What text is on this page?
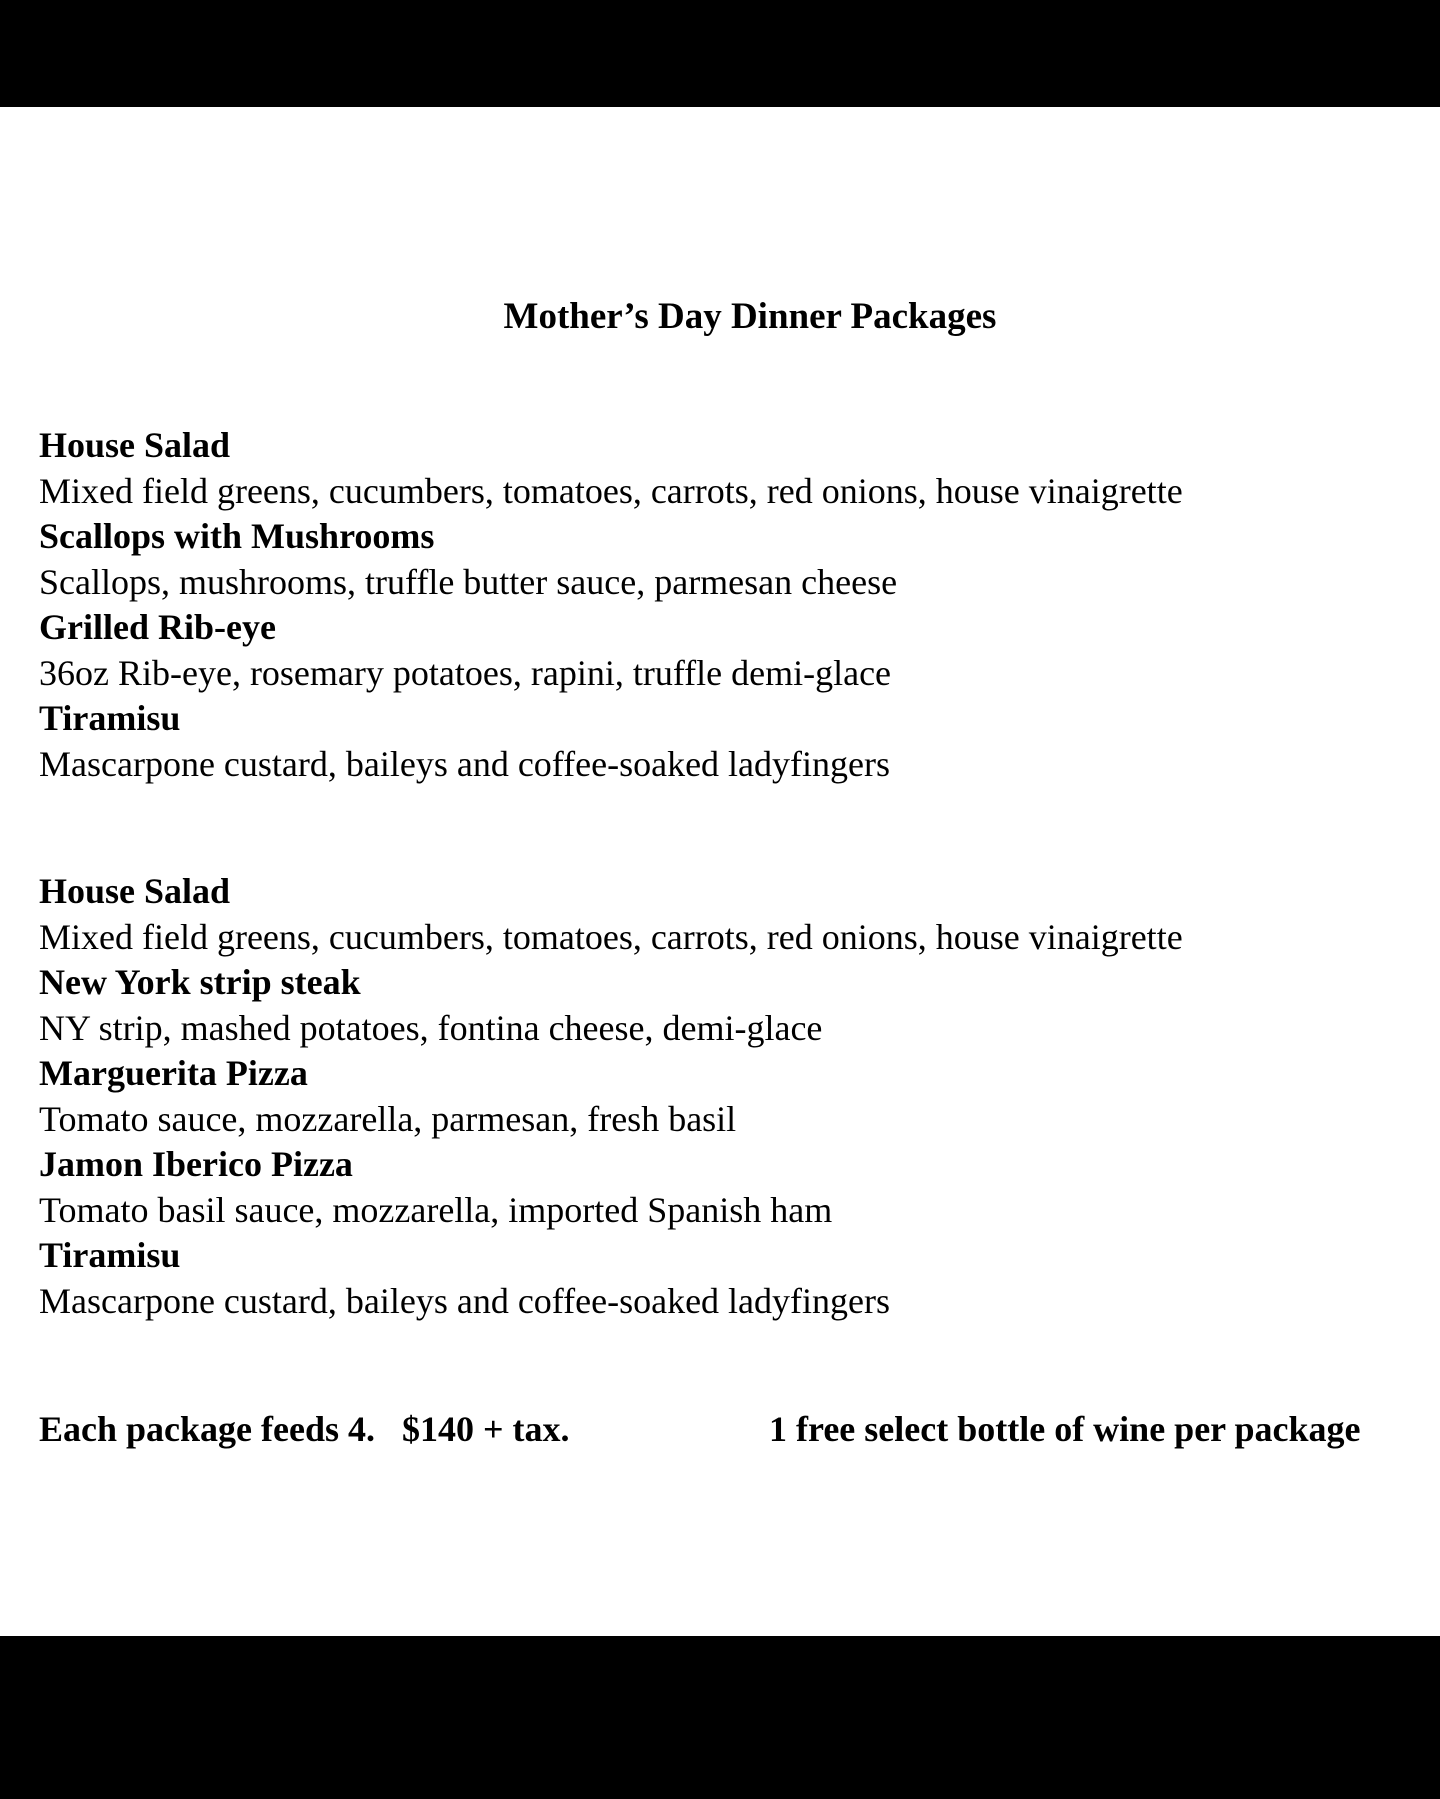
Mother’s Day Dinner Packages
House Salad
Mixed field greens, cucumbers, tomatoes, carrots, red onions, house vinaigrette
Scallops with Mushrooms
Scallops, mushrooms, truffle butter sauce, parmesan cheese
Grilled Rib-eye
36oz Rib-eye, rosemary potatoes, rapini, truffle demi-glace
Tiramisu
Mascarpone custard, baileys and coffee-soaked ladyfingers
House Salad
Mixed field greens, cucumbers, tomatoes, carrots, red onions, house vinaigrette
New York strip steak
NY strip, mashed potatoes, fontina cheese, demi-glace
Marguerita Pizza
Tomato sauce, mozzarella, parmesan, fresh basil
Jamon Iberico Pizza
Tomato basil sauce, mozzarella, imported Spanish ham
Tiramisu
Mascarpone custard, baileys and coffee-soaked ladyfingers
Each package feeds 4.   $140 + tax.	1 free select bottle of wine per package
